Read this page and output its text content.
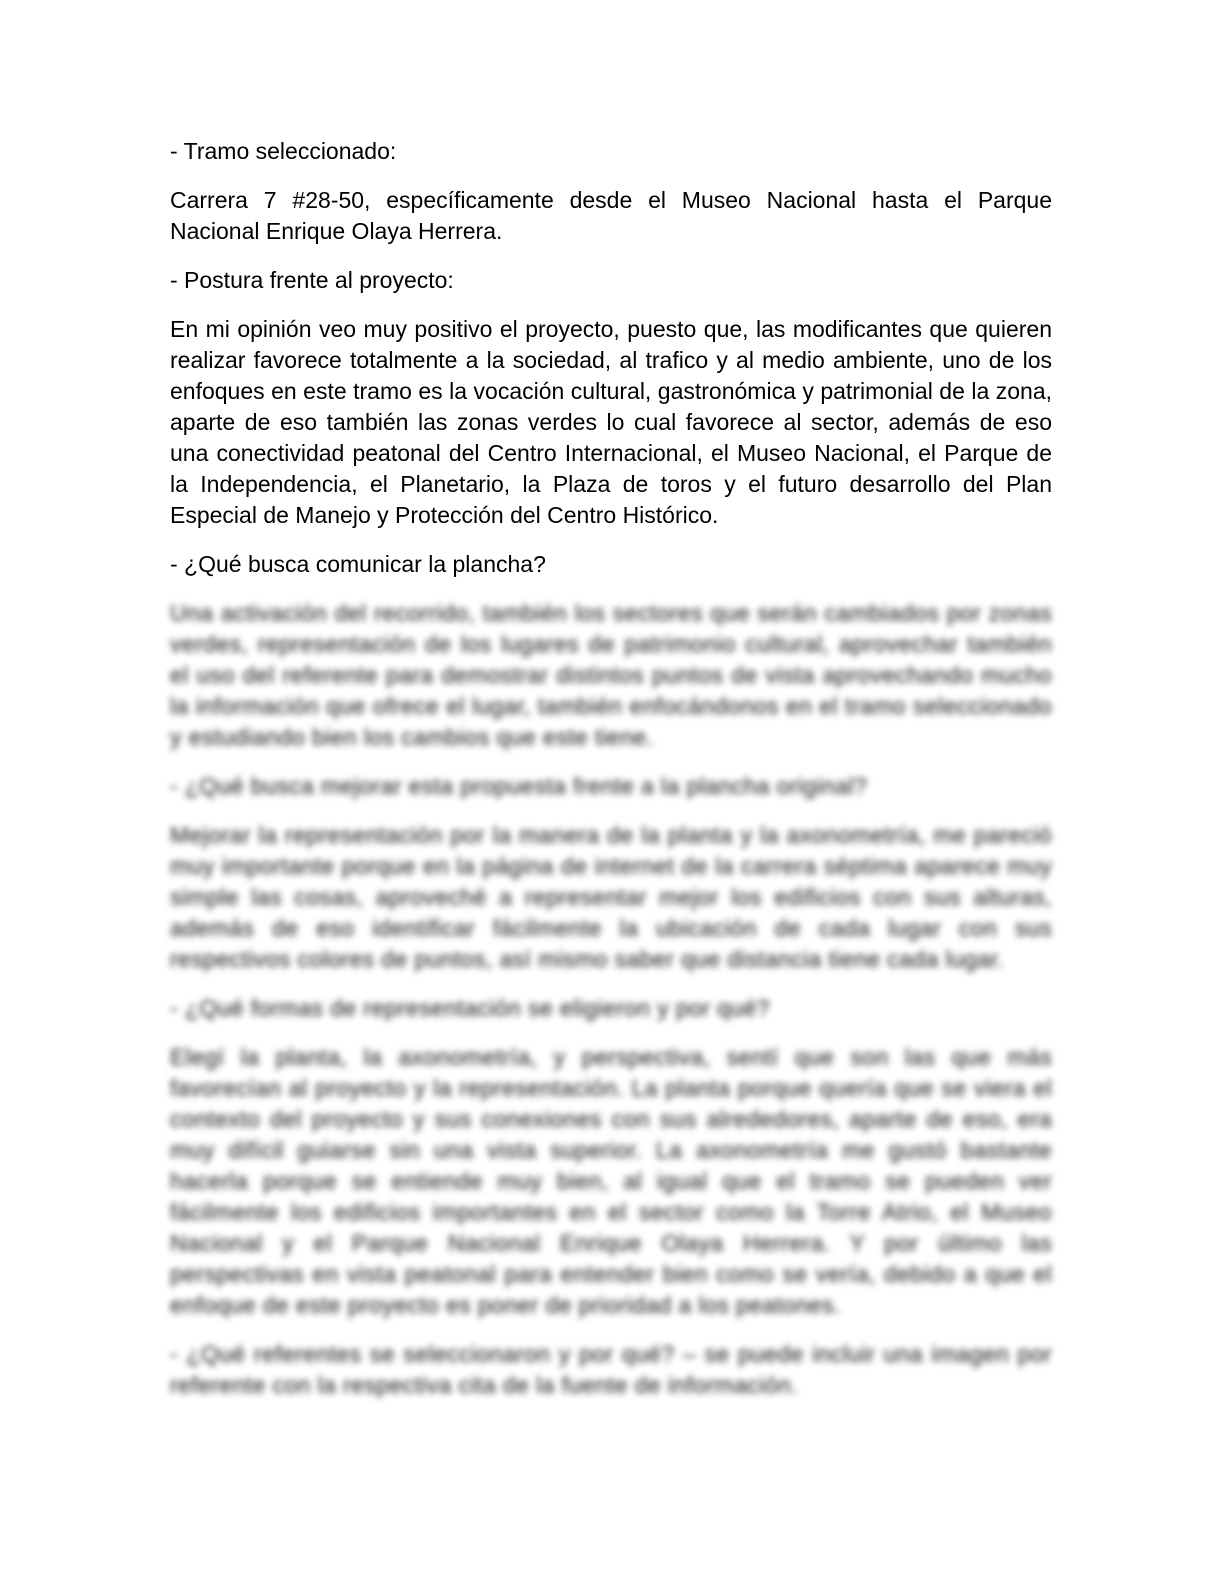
- Tramo seleccionado:

Carrera 7 #28-50, específicamente desde el Museo Nacional hasta el Parque Nacional Enrique Olaya Herrera.

- Postura frente al proyecto:

En mi opinión veo muy positivo el proyecto, puesto que, las modificantes que quieren realizar favorece totalmente a la sociedad, al trafico y al medio ambiente, uno de los enfoques en este tramo es la vocación cultural, gastronómica y patrimonial de la zona, aparte de eso también las zonas verdes lo cual favorece al sector, además de eso una conectividad peatonal del Centro Internacional, el Museo Nacional, el Parque de la Independencia, el Planetario, la Plaza de toros y el futuro desarrollo del Plan Especial de Manejo y Protección del Centro Histórico.

- ¿Qué busca comunicar la plancha?

Una activación del recorrido, también los sectores que serán cambiados por zonas verdes, representación de los lugares de patrimonio cultural, aprovechar también el uso del referente para demostrar distintos puntos de vista aprovechando mucho la información que ofrece el lugar, también enfocándonos en el tramo seleccionado y estudiando bien los cambios que este tiene.

- ¿Qué busca mejorar esta propuesta frente a la plancha original?

Mejorar la representación por la manera de la planta y la axonometría, me pareció muy importante porque en la página de internet de la carrera séptima aparece muy simple las cosas, aproveché a representar mejor los edificios con sus alturas, además de eso identificar fácilmente la ubicación de cada lugar con sus respectivos colores de puntos, así mismo saber que distancia tiene cada lugar.

- ¿Qué formas de representación se eligieron y por qué?

Elegí la planta, la axonometría, y perspectiva, sentí que son las que más favorecían al proyecto y la representación. La planta porque quería que se viera el contexto del proyecto y sus conexiones con sus alrededores, aparte de eso, era muy difícil guiarse sin una vista superior. La axonometría me gustó bastante hacerla porque se entiende muy bien, al igual que el tramo se pueden ver fácilmente los edificios importantes en el sector como la Torre Atrio, el Museo Nacional y el Parque Nacional Enrique Olaya Herrera. Y por último las perspectivas en vista peatonal para entender bien como se vería, debido a que el enfoque de este proyecto es poner de prioridad a los peatones.

- ¿Qué referentes se seleccionaron y por qué? – se puede incluir una imagen por referente con la respectiva cita de la fuente de información.
